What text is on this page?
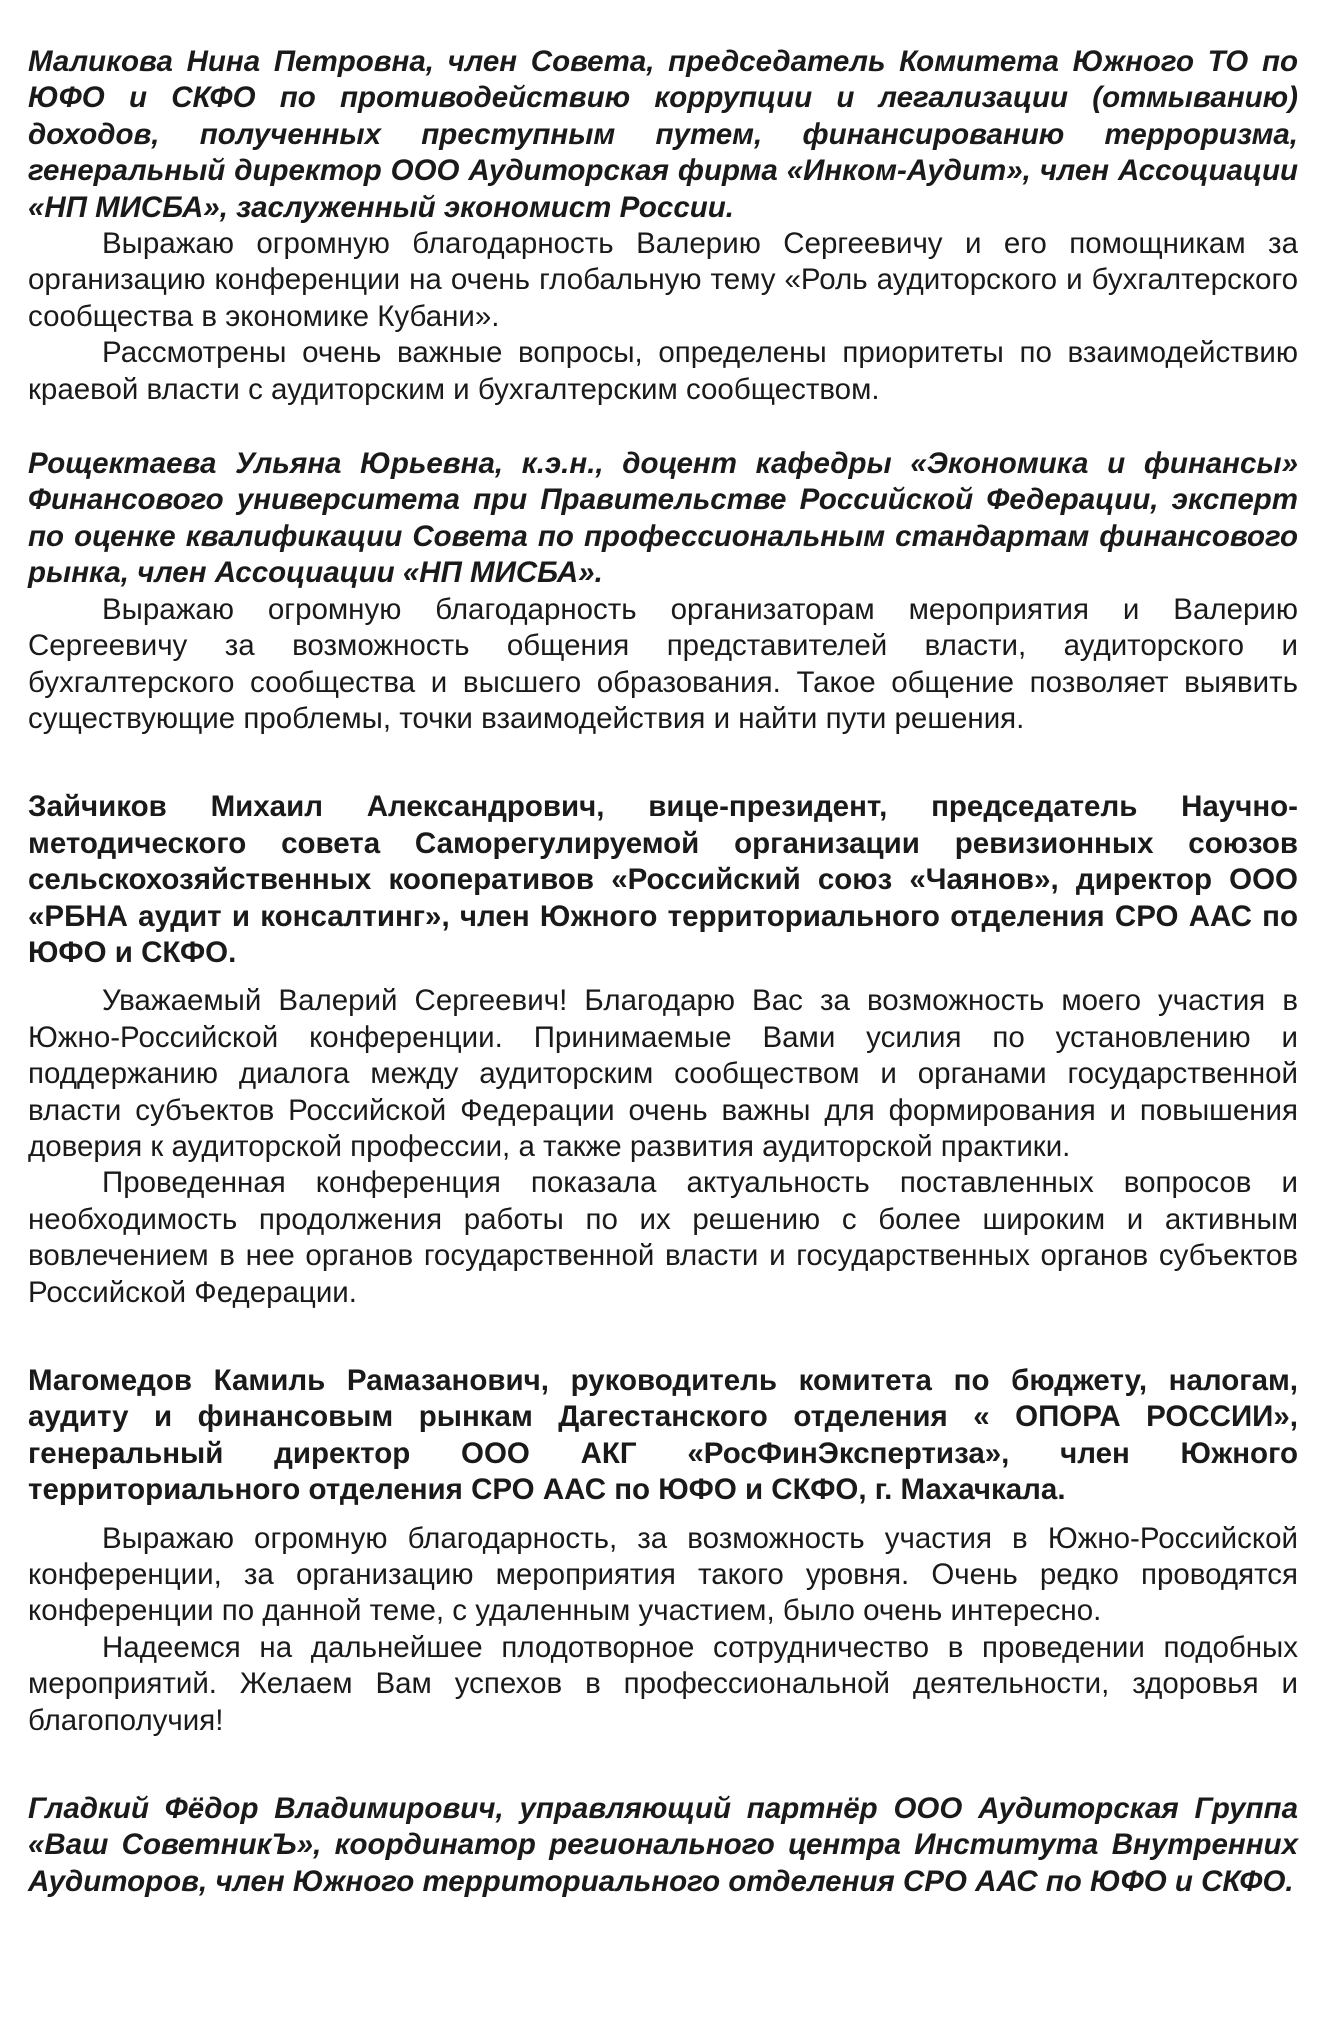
Маликова Нина Петровна, член Совета, председатель Комитета Южного ТО по ЮФО и СКФО по противодействию коррупции и легализации (отмыванию) доходов, полученных преступным путем, финансированию терроризма, генеральный директор ООО Аудиторская фирма «Инком-Аудит», член Ассоциации «НП МИСБА», заслуженный экономист России.

Выражаю огромную благодарность Валерию Сергеевичу и его помощникам за организацию конференции на очень глобальную тему «Роль аудиторского и бухгалтерского сообщества в экономике Кубани».

Рассмотрены очень важные вопросы, определены приоритеты по взаимодействию краевой власти с аудиторским и бухгалтерским сообществом.

Рощектаева Ульяна Юрьевна, к.э.н., доцент кафедры «Экономика и финансы» Финансового университета при Правительстве Российской Федерации, эксперт по оценке квалификации Совета по профессиональным стандартам финансового рынка, член Ассоциации «НП МИСБА».

Выражаю огромную благодарность организаторам мероприятия и Валерию Сергеевичу за возможность общения представителей власти, аудиторского и бухгалтерского сообщества и высшего образования. Такое общение позволяет выявить существующие проблемы, точки взаимодействия и найти пути решения.

Зайчиков Михаил Александрович, вице-президент, председатель Научно-методического совета Саморегулируемой организации ревизионных союзов сельскохозяйственных кооперативов «Российский союз «Чаянов», директор ООО «РБНА аудит и консалтинг», член Южного территориального отделения СРО ААС по ЮФО и СКФО.

Уважаемый Валерий Сергеевич! Благодарю Вас за возможность моего участия в Южно-Российской конференции. Принимаемые Вами усилия по установлению и поддержанию диалога между аудиторским сообществом и органами государственной власти субъектов Российской Федерации очень важны для формирования и повышения доверия к аудиторской профессии, а также развития аудиторской практики.

Проведенная конференция показала актуальность поставленных вопросов и необходимость продолжения работы по их решению с более широким и активным вовлечением в нее органов государственной власти и государственных органов субъектов Российской Федерации.

Магомедов Камиль Рамазанович, руководитель комитета по бюджету, налогам, аудиту и финансовым рынкам Дагестанского отделения « ОПОРА РОССИИ», генеральный директор ООО АКГ «РосФинЭкспертиза», член Южного территориального отделения СРО ААС по ЮФО и СКФО, г. Махачкала.

Выражаю огромную благодарность, за возможность участия в Южно-Российской конференции, за организацию мероприятия такого уровня. Очень редко проводятся конференции по данной теме, с удаленным участием, было очень интересно.

Надеемся на дальнейшее плодотворное сотрудничество в проведении подобных мероприятий. Желаем Вам успехов в профессиональной деятельности, здоровья и благополучия!

Гладкий Фёдор Владимирович, управляющий партнёр ООО Аудиторская Группа «Ваш СоветникЪ», координатор регионального центра Института Внутренних Аудиторов, член Южного территориального отделения СРО ААС по ЮФО и СКФО.
